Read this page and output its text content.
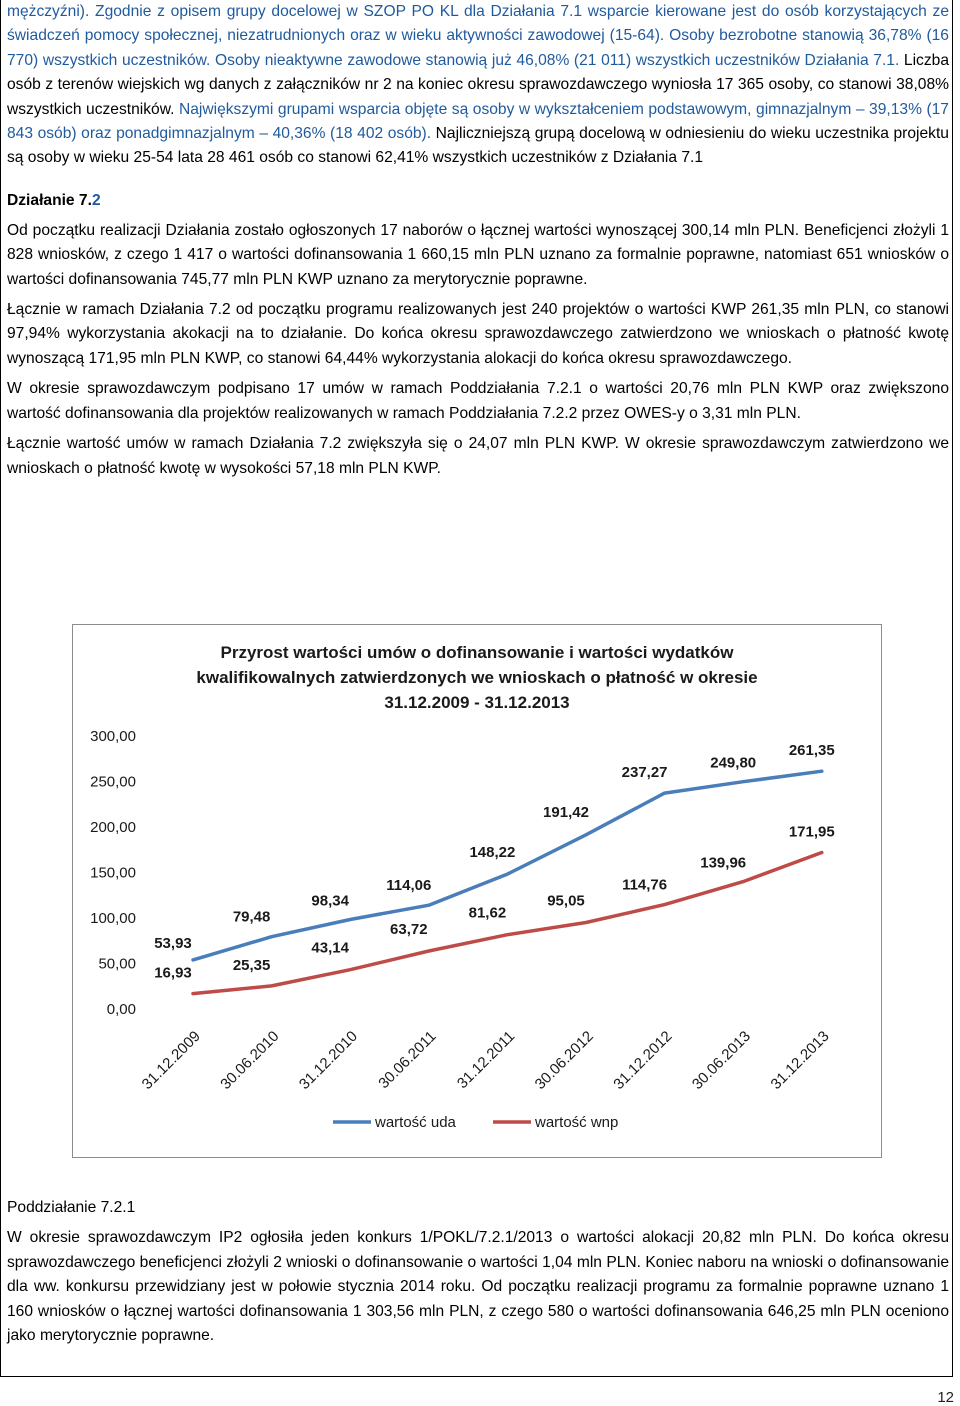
mężczyźni). Zgodnie z opisem grupy docelowej w SZOP PO KL dla Działania 7.1 wsparcie kierowane jest do osób korzystających ze świadczeń pomocy społecznej, niezatrudnionych oraz w wieku aktywności zawodowej (15-64). Osoby bezrobotne stanowią 36,78% (16 770) wszystkich uczestników. Osoby nieaktywne zawodowe stanowią już 46,08% (21 011) wszystkich uczestników Działania 7.1. Liczba osób z terenów wiejskich wg danych z załączników nr 2 na koniec okresu sprawozdawczego wyniosła 17 365 osoby, co stanowi 38,08% wszystkich uczestników. Największymi grupami wsparcia objęte są osoby w wykształceniem podstawowym, gimnazjalnym – 39,13% (17 843 osób) oraz ponadgimnazjalnym – 40,36% (18 402 osób). Najliczniejszą grupą docelową w odniesieniu do wieku uczestnika projektu są osoby w wieku 25-54 lata 28 461 osób co stanowi 62,41% wszystkich uczestników z Działania 7.1

Działanie 7.2

Od początku realizacji Działania zostało ogłoszonych 17 naborów o łącznej wartości wynoszącej 300,14 mln PLN. Beneficjenci złożyli 1 828 wniosków, z czego 1 417 o wartości dofinansowania 1 660,15 mln PLN uznano za formalnie poprawne, natomiast 651 wniosków o wartości dofinansowania 745,77 mln PLN KWP uznano za merytorycznie poprawne.

Łącznie w ramach Działania 7.2 od początku programu realizowanych jest 240 projektów o wartości KWP 261,35 mln PLN, co stanowi 97,94% wykorzystania akokacji na to działanie. Do końca okresu sprawozdawczego zatwierdzono we wnioskach o płatność kwotę wynoszącą 171,95 mln PLN KWP, co stanowi 64,44% wykorzystania alokacji do końca okresu sprawozdawczego.

W okresie sprawozdawczym podpisano 17 umów w ramach Poddziałania 7.2.1 o wartości 20,76 mln PLN KWP oraz zwiększono wartość dofinansowania dla projektów realizowanych w ramach Poddziałania 7.2.2 przez OWES-y o 3,31 mln PLN.

Łącznie wartość umów w ramach Działania 7.2 zwiększyła się o 24,07 mln PLN KWP. W okresie sprawozdawczym zatwierdzono we wnioskach o płatność kwotę w wysokości 57,18 mln PLN KWP.

Przyrost wartości umów o dofinansowanie i wartości wydatków
kwalifikowalnych zatwierdzonych we wnioskach o płatność w okresie
31.12.2009 - 31.12.2013
0,00
50,00
100,00
150,00
200,00
250,00
300,00
31.12.2009 30.06.2010 31.12.2010 30.06.2011 31.12.2011 30.06.2012 31.12.2012 30.06.2013 31.12.2013
53,93
79,48
98,34
114,06
148,22
191,42
237,27
249,80
261,35
16,93	25,35
43,14
63,72
81,62
95,05
114,76
139,96
171,95
wartość uda	wartość wnp

Poddziałanie 7.2.1

W okresie sprawozdawczym IP2 ogłosiła jeden konkurs 1/POKL/7.2.1/2013 o wartości alokacji 20,82 mln PLN. Do końca okresu sprawozdawczego beneficjenci złożyli 2 wnioski o dofinansowanie o wartości 1,04 mln PLN. Koniec naboru na wnioski o dofinansowanie dla ww. konkursu przewidziany jest w połowie stycznia 2014 roku. Od początku realizacji programu za formalnie poprawne uznano 1 160 wniosków o łącznej wartości dofinansowania 1 303,56 mln PLN, z czego 580 o wartości dofinansowania 646,25 mln PLN oceniono jako merytorycznie poprawne.

12
